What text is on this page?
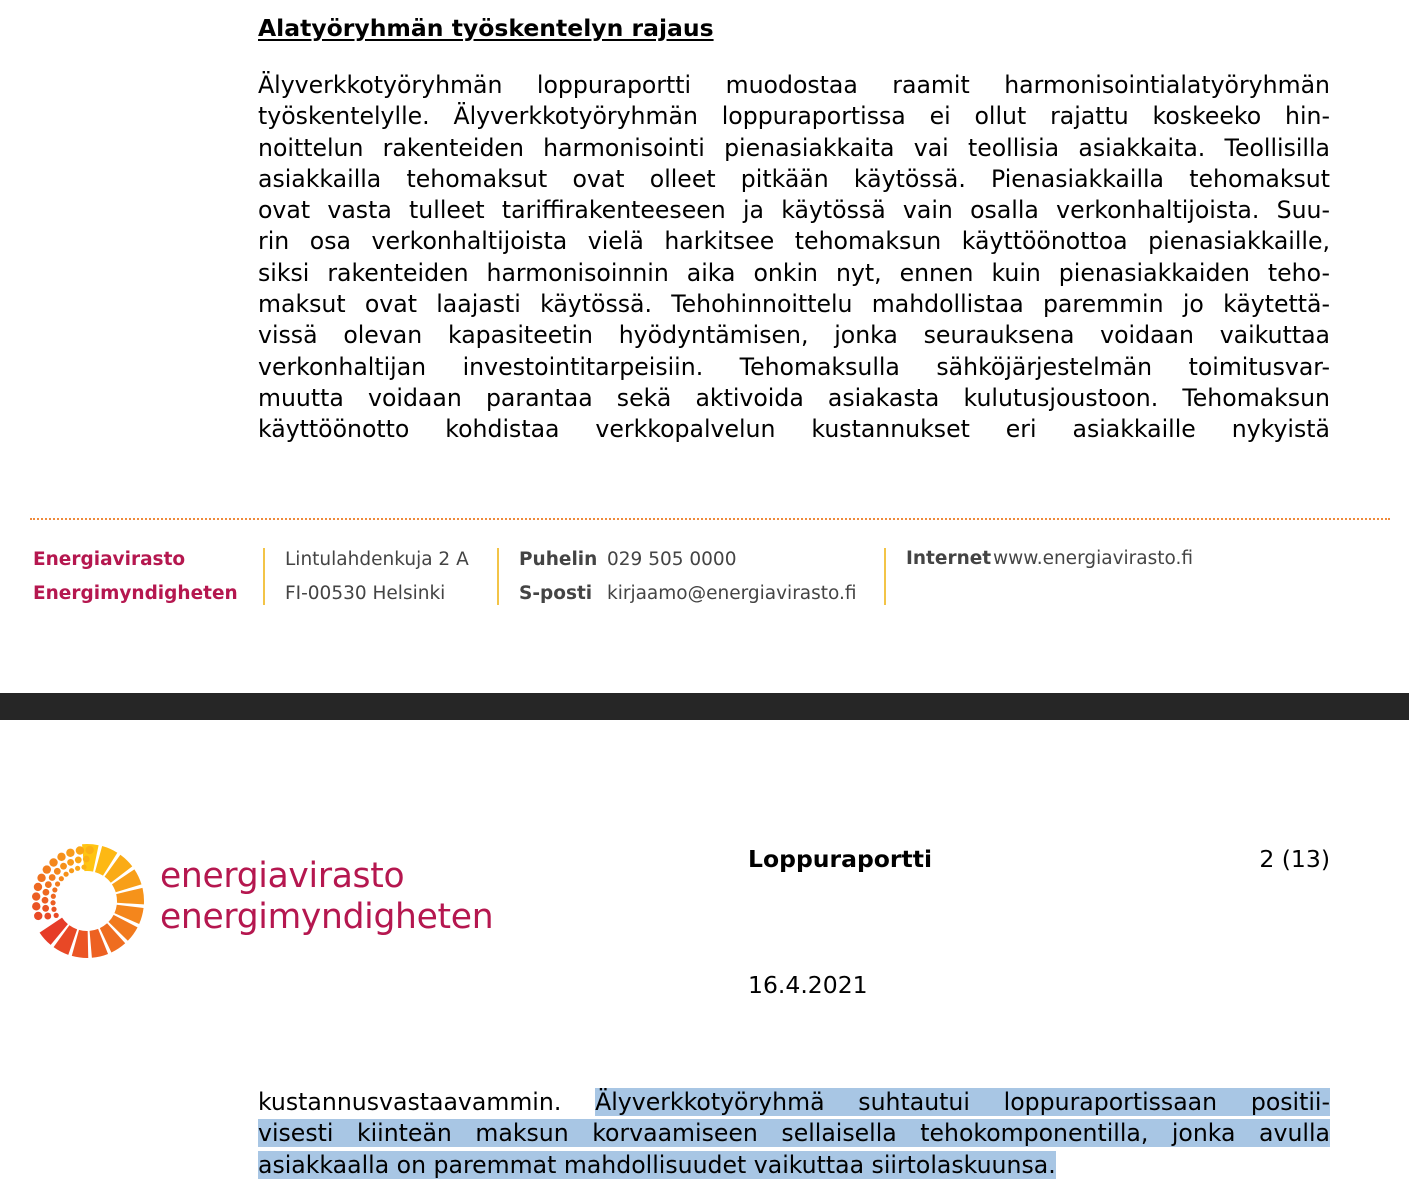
Alatyöryhmän työskentelyn rajaus
Älyverkkotyöryhmän loppuraportti muodostaa raamit harmonisointialatyöryhmän
työskentelylle. Älyverkkotyöryhmän loppuraportissa ei ollut rajattu koskeeko hin-
noittelun rakenteiden harmonisointi pienasiakkaita vai teollisia asiakkaita. Teollisilla
asiakkailla tehomaksut ovat olleet pitkään käytössä. Pienasiakkailla tehomaksut
ovat vasta tulleet tariffirakenteeseen ja käytössä vain osalla verkonhaltijoista. Suu-
rin osa verkonhaltijoista vielä harkitsee tehomaksun käyttöönottoa pienasiakkaille,
siksi rakenteiden harmonisoinnin aika onkin nyt, ennen kuin pienasiakkaiden teho-
maksut ovat laajasti käytössä. Tehohinnoittelu mahdollistaa paremmin jo käytettä-
vissä olevan kapasiteetin hyödyntämisen, jonka seurauksena voidaan vaikuttaa
verkonhaltijan investointitarpeisiin. Tehomaksulla sähköjärjestelmän toimitusvar-
muutta voidaan parantaa sekä aktivoida asiakasta kulutusjoustoon. Tehomaksun
käyttöönotto kohdistaa verkkopalvelun kustannukset eri asiakkaille nykyistä
Energiavirasto
Energimyndigheten
Lintulahdenkuja 2 A
FI-00530 Helsinki
Puhelin 029 505 0000
S-posti kirjaamo@energiavirasto.fi
Internet www.energiavirasto.fi
energiavirasto
energimyndigheten
Loppuraportti	2 (13)
16.4.2021
kustannusvastaavammin. Älyverkkotyöryhmä suhtautui loppuraportissaan positii-
visesti kiinteän maksun korvaamiseen sellaisella tehokomponentilla, jonka avulla
asiakkaalla on paremmat mahdollisuudet vaikuttaa siirtolaskuunsa.
